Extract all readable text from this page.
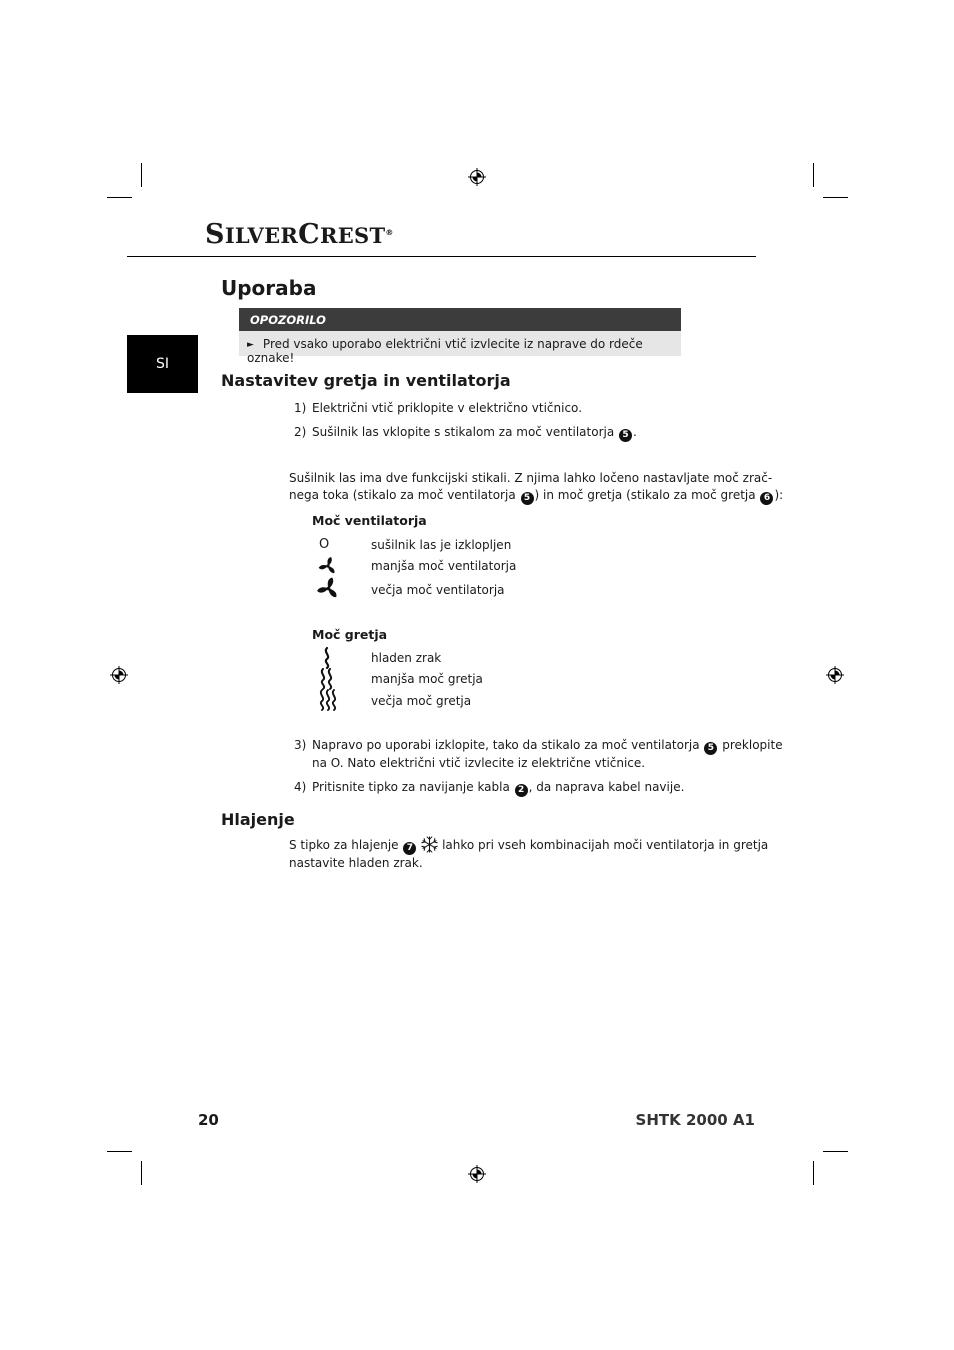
SILVERCREST®
SI
Uporaba
OPOZORILO
► Pred vsako uporabo električni vtič izvlecite iz naprave do rdeče oznake!
Nastavitev gretja in ventilatorja
1) Električni vtič priklopite v električno vtičnico.
2) Sušilnik las vklopite s stikalom za moč ventilatorja 5 .
Sušilnik las ima dve funkcijski stikali. Z njima lahko ločeno nastavljate moč zrač-
nega toka (stikalo za moč ventilatorja 5 ) in moč gretja (stikalo za moč gretja 6 ):
Moč ventilatorja
O	sušilnik las je izklopljen
manjša moč ventilatorja
večja moč ventilatorja
Moč gretja
hladen zrak
manjša moč gretja
večja moč gretja
3) Napravo po uporabi izklopite, tako da stikalo za moč ventilatorja 5 preklopite
na O. Nato električni vtič izvlecite iz električne vtičnice.
4) Pritisnite tipko za navijanje kabla 2 , da naprava kabel navije.
Hlajenje
S tipko za hlajenje 7 lahko pri vseh kombinacijah moči ventilatorja in gretja
nastavite hladen zrak.
20	SHTK 2000 A1
